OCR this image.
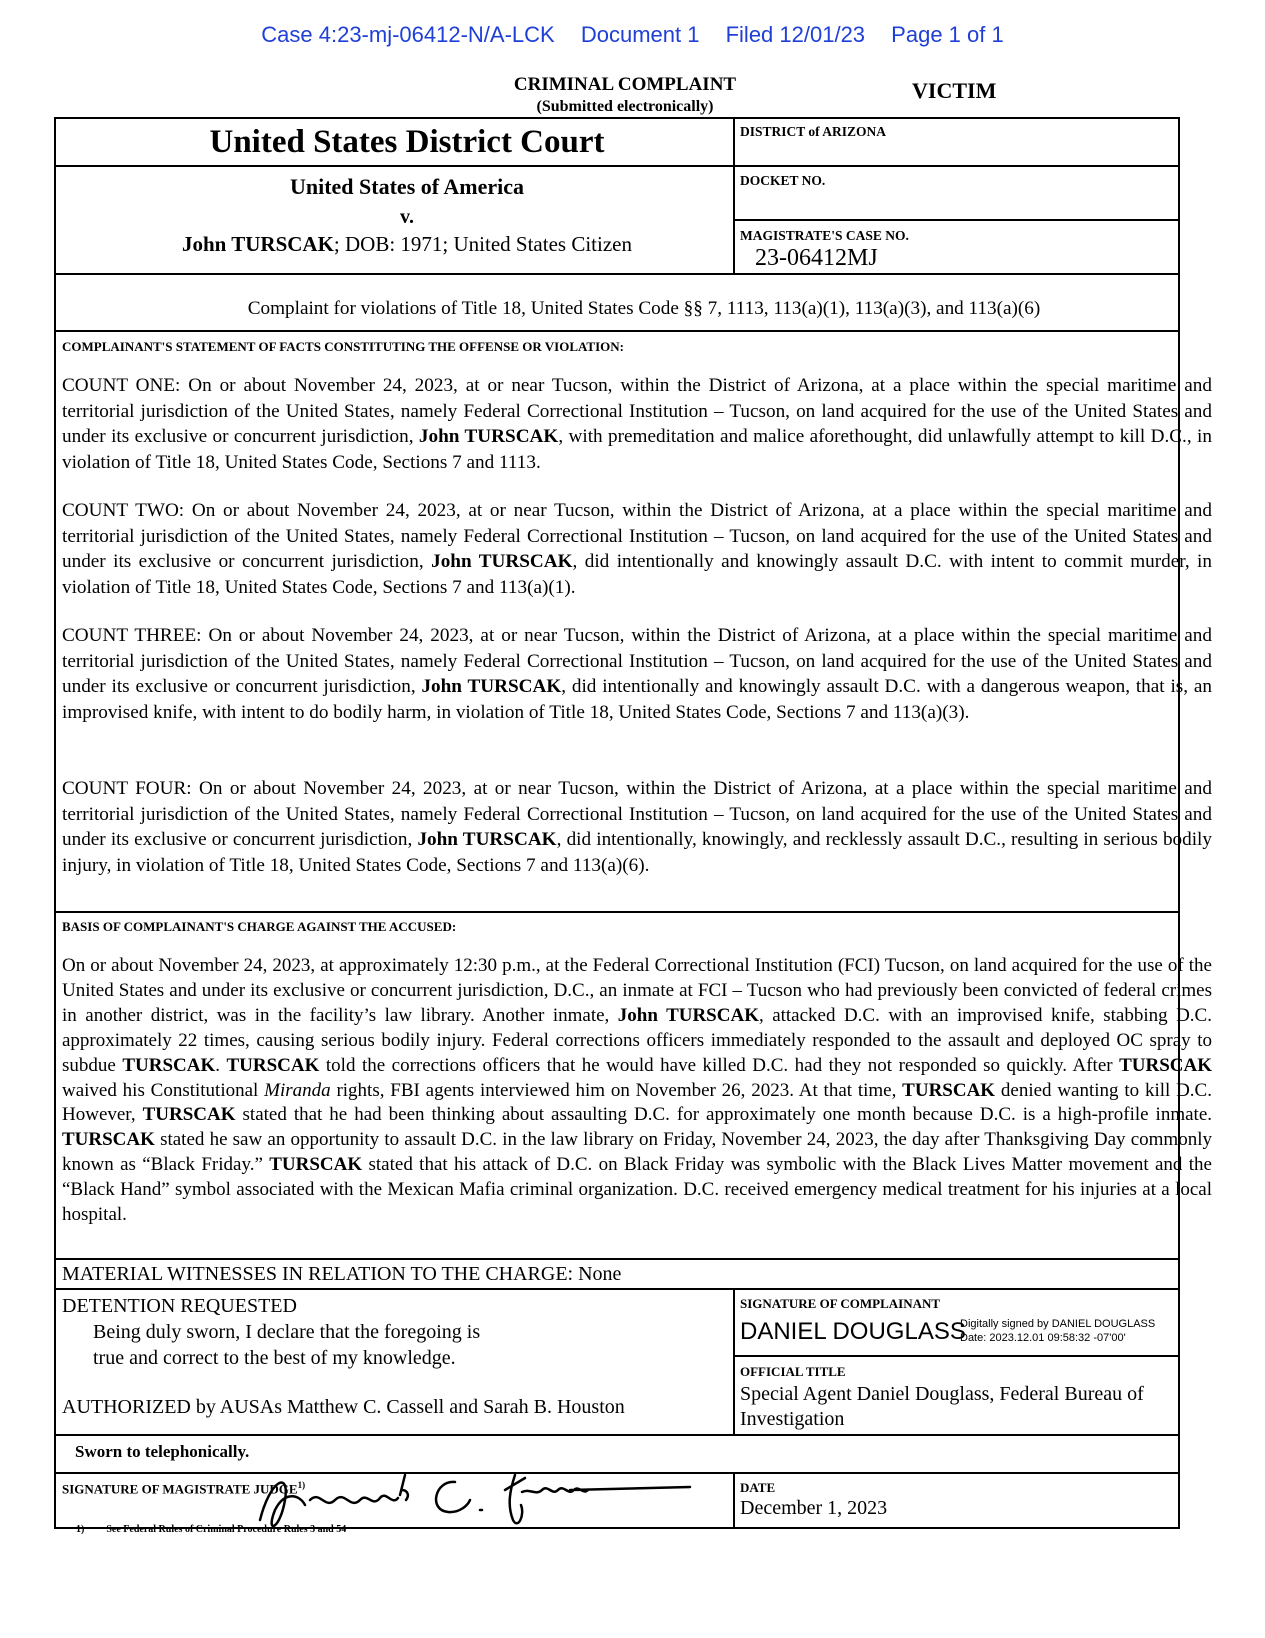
Case 4:23-mj-06412-N/A-LCK Document 1 Filed 12/01/23 Page 1 of 1
CRIMINAL COMPLAINT
(Submitted electronically)
VICTIM
United States District Court	DISTRICT of ARIZONA
United States of America
v.
John TURSCAK; DOB: 1971; United States Citizen
DOCKET NO.
MAGISTRATE'S CASE NO.
23-06412MJ
Complaint for violations of Title 18, United States Code §§ 7, 1113, 113(a)(1), 113(a)(3), and 113(a)(6)
COMPLAINANT'S STATEMENT OF FACTS CONSTITUTING THE OFFENSE OR VIOLATION:
COUNT ONE: On or about November 24, 2023, at or near Tucson, within the District of Arizona, at a place within the special maritime and territorial jurisdiction of the United States, namely Federal Correctional Institution – Tucson, on land acquired for the use of the United States and under its exclusive or concurrent jurisdiction, John TURSCAK, with premeditation and malice aforethought, did unlawfully attempt to kill D.C., in violation of Title 18, United States Code, Sections 7 and 1113.
COUNT TWO: On or about November 24, 2023, at or near Tucson, within the District of Arizona, at a place within the special maritime and territorial jurisdiction of the United States, namely Federal Correctional Institution – Tucson, on land acquired for the use of the United States and under its exclusive or concurrent jurisdiction, John TURSCAK, did intentionally and knowingly assault D.C. with intent to commit murder, in violation of Title 18, United States Code, Sections 7 and 113(a)(1).
COUNT THREE: On or about November 24, 2023, at or near Tucson, within the District of Arizona, at a place within the special maritime and territorial jurisdiction of the United States, namely Federal Correctional Institution – Tucson, on land acquired for the use of the United States and under its exclusive or concurrent jurisdiction, John TURSCAK, did intentionally and knowingly assault D.C. with a dangerous weapon, that is, an improvised knife, with intent to do bodily harm, in violation of Title 18, United States Code, Sections 7 and 113(a)(3).
COUNT FOUR: On or about November 24, 2023, at or near Tucson, within the District of Arizona, at a place within the special maritime and territorial jurisdiction of the United States, namely Federal Correctional Institution – Tucson, on land acquired for the use of the United States and under its exclusive or concurrent jurisdiction, John TURSCAK, did intentionally, knowingly, and recklessly assault D.C., resulting in serious bodily injury, in violation of Title 18, United States Code, Sections 7 and 113(a)(6).
BASIS OF COMPLAINANT'S CHARGE AGAINST THE ACCUSED:
On or about November 24, 2023, at approximately 12:30 p.m., at the Federal Correctional Institution (FCI) Tucson, on land acquired for the use of the United States and under its exclusive or concurrent jurisdiction, D.C., an inmate at FCI – Tucson who had previously been convicted of federal crimes in another district, was in the facility’s law library. Another inmate, John TURSCAK, attacked D.C. with an improvised knife, stabbing D.C. approximately 22 times, causing serious bodily injury. Federal corrections officers immediately responded to the assault and deployed OC spray to subdue TURSCAK. TURSCAK told the corrections officers that he would have killed D.C. had they not responded so quickly. After TURSCAK waived his Constitutional Miranda rights, FBI agents interviewed him on November 26, 2023. At that time, TURSCAK denied wanting to kill D.C. However, TURSCAK stated that he had been thinking about assaulting D.C. for approximately one month because D.C. is a high-profile inmate. TURSCAK stated he saw an opportunity to assault D.C. in the law library on Friday, November 24, 2023, the day after Thanksgiving Day commonly known as “Black Friday.” TURSCAK stated that his attack of D.C. on Black Friday was symbolic with the Black Lives Matter movement and the “Black Hand” symbol associated with the Mexican Mafia criminal organization. D.C. received emergency medical treatment for his injuries at a local hospital.
MATERIAL WITNESSES IN RELATION TO THE CHARGE: None
DETENTION REQUESTED
Being duly sworn, I declare that the foregoing is
true and correct to the best of my knowledge.
AUTHORIZED by AUSAs Matthew C. Cassell and Sarah B. Houston
SIGNATURE OF COMPLAINANT
DANIEL DOUGLASS
Digitally signed by DANIEL DOUGLASS
Date: 2023.12.01 09:58:32 -07'00'
OFFICIAL TITLE
Special Agent Daniel Douglass, Federal Bureau of Investigation
Sworn to telephonically.
SIGNATURE OF MAGISTRATE JUDGE$^{1)}$	DATE
December 1, 2023
1) See Federal Rules of Criminal Procedure Rules 3 and 54
